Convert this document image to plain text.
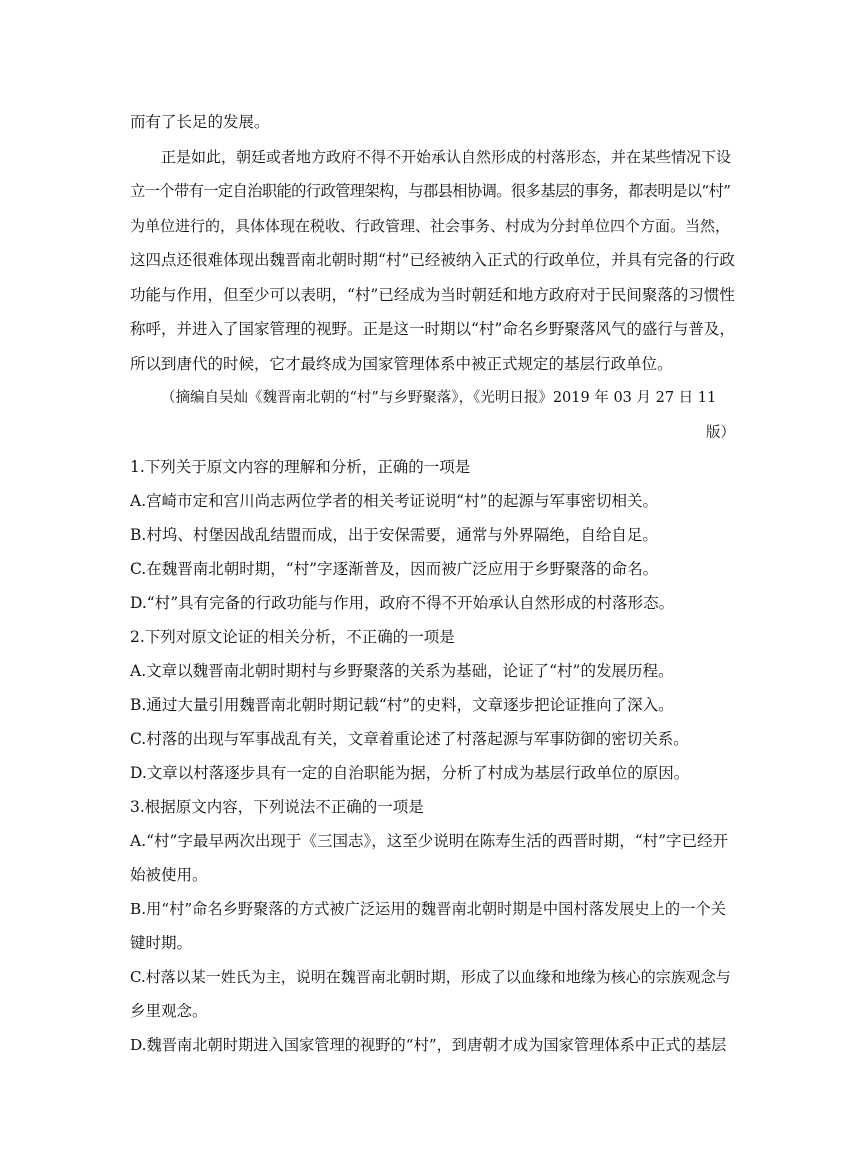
而有了长足的发展。
正是如此，朝廷或者地方政府不得不开始承认自然形成的村落形态，并在某些情况下设
立一个带有一定自治职能的行政管理架构，与郡县相协调。很多基层的事务，都表明是以“村”
为单位进行的，具体体现在税收、行政管理、社会事务、村成为分封单位四个方面。当然，
这四点还很难体现出魏晋南北朝时期“村”已经被纳入正式的行政单位，并具有完备的行政
功能与作用，但至少可以表明，“村”已经成为当时朝廷和地方政府对于民间聚落的习惯性
称呼，并进入了国家管理的视野。正是这一时期以“村”命名乡野聚落风气的盛行与普及，
所以到唐代的时候，它才最终成为国家管理体系中被正式规定的基层行政单位。
（摘编自吴灿《魏晋南北朝的“村”与乡野聚落》，《光明日报》2019 年 03 月 27 日 11
版）
1.下列关于原文内容的理解和分析，正确的一项是
A.宫崎市定和宫川尚志两位学者的相关考证说明“村”的起源与军事密切相关。
B.村坞、村堡因战乱结盟而成，出于安保需要，通常与外界隔绝，自给自足。
C.在魏晋南北朝时期，“村”字逐渐普及，因而被广泛应用于乡野聚落的命名。
D.“村”具有完备的行政功能与作用，政府不得不开始承认自然形成的村落形态。
2.下列对原文论证的相关分析，不正确的一项是
A.文章以魏晋南北朝时期村与乡野聚落的关系为基础，论证了“村”的发展历程。
B.通过大量引用魏晋南北朝时期记载“村”的史料，文章逐步把论证推向了深入。
C.村落的出现与军事战乱有关，文章着重论述了村落起源与军事防御的密切关系。
D.文章以村落逐步具有一定的自治职能为据，分析了村成为基层行政单位的原因。
3.根据原文内容，下列说法不正确的一项是
A.“村”字最早两次出现于《三国志》，这至少说明在陈寿生活的西晋时期，“村”字已经开
始被使用。
B.用“村”命名乡野聚落的方式被广泛运用的魏晋南北朝时期是中国村落发展史上的一个关
键时期。
C.村落以某一姓氏为主，说明在魏晋南北朝时期，形成了以血缘和地缘为核心的宗族观念与
乡里观念。
D.魏晋南北朝时期进入国家管理的视野的“村”，到唐朝才成为国家管理体系中正式的基层
